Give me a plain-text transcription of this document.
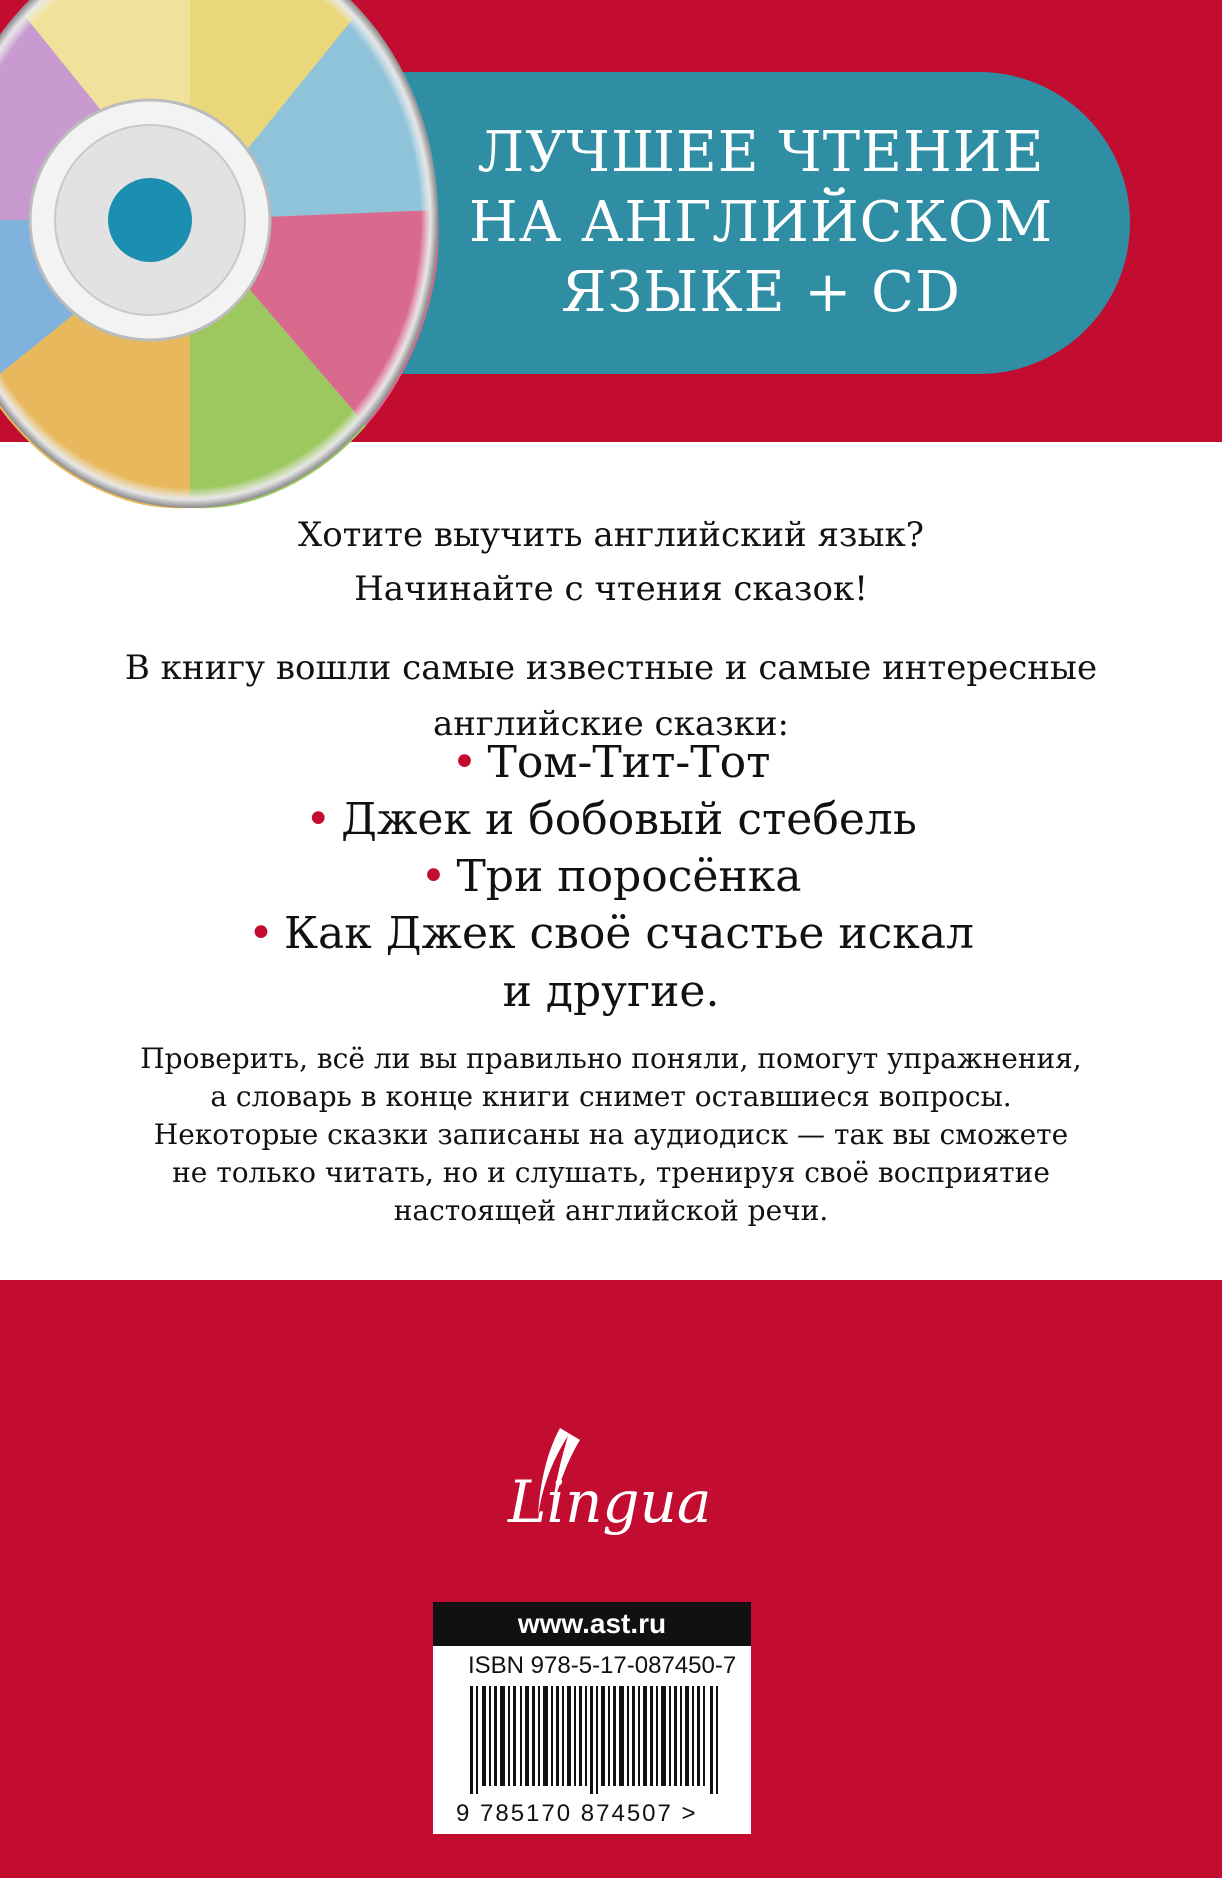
ЛУЧШЕЕ ЧТЕНИЕ
НА АНГЛИЙСКОМ
ЯЗЫКЕ + CD
Хотите выучить английский язык?
Начинайте с чтения сказок!
В книгу вошли самые известные и самые интересные
английские сказки:
• Том-Тит-Тот
• Джек и бобовый стебель
• Три поросёнка
• Как Джек своё счастье искал
и другие.
Проверить, всё ли вы правильно поняли, помогут упражнения,
а словарь в конце книги снимет оставшиеся вопросы.
Некоторые сказки записаны на аудиодиск — так вы сможете
не только читать, но и слушать, тренируя своё восприятие
настоящей английской речи.
Lingua
www.ast.ru
ISBN 978-5-17-087450-7
9 785170 874507 >
